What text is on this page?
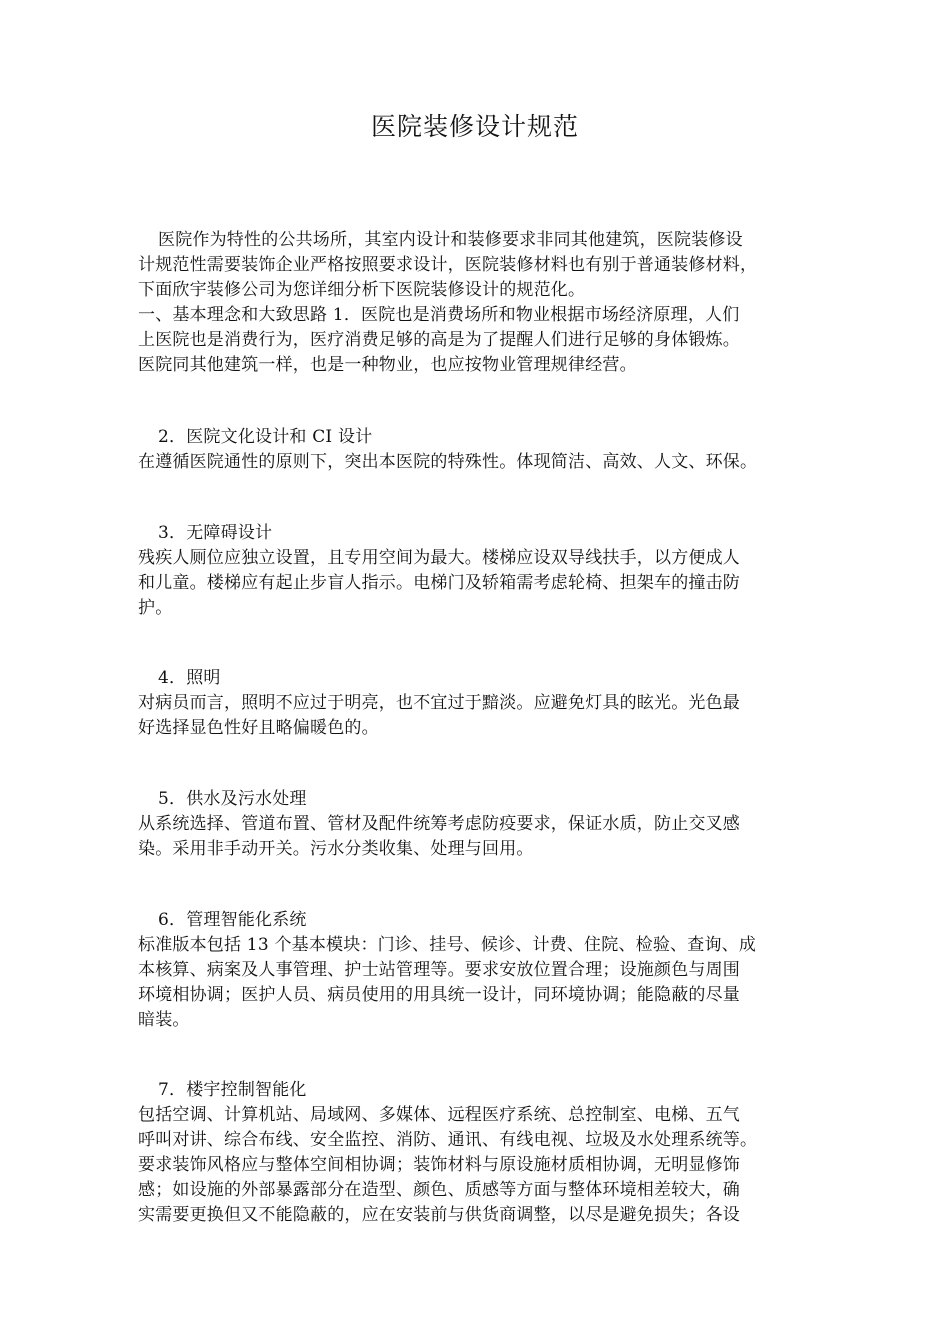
医院装修设计规范
医院作为特性的公共场所，其室内设计和装修要求非同其他建筑，医院装修设
计规范性需要装饰企业严格按照要求设计，医院装修材料也有别于普通装修材料，
下面欣宇装修公司为您详细分析下医院装修设计的规范化。
一、基本理念和大致思路 1．医院也是消费场所和物业根据市场经济原理，人们
上医院也是消费行为，医疗消费足够的高是为了提醒人们进行足够的身体锻炼。
医院同其他建筑一样，也是一种物业，也应按物业管理规律经营。
2．医院文化设计和 CI 设计
在遵循医院通性的原则下，突出本医院的特殊性。体现简洁、高效、人文、环保。
3．无障碍设计
残疾人厕位应独立设置，且专用空间为最大。楼梯应设双导线扶手，以方便成人
和儿童。楼梯应有起止步盲人指示。电梯门及轿箱需考虑轮椅、担架车的撞击防
护。
4．照明
对病员而言，照明不应过于明亮，也不宜过于黯淡。应避免灯具的眩光。光色最
好选择显色性好且略偏暖色的。
5．供水及污水处理
从系统选择、管道布置、管材及配件统筹考虑防疫要求，保证水质，防止交叉感
染。采用非手动开关。污水分类收集、处理与回用。
6．管理智能化系统
标准版本包括 13 个基本模块：门诊、挂号、候诊、计费、住院、检验、查询、成
本核算、病案及人事管理、护士站管理等。要求安放位置合理；设施颜色与周围
环境相协调；医护人员、病员使用的用具统一设计，同环境协调；能隐蔽的尽量
暗装。
7．楼宇控制智能化
包括空调、计算机站、局域网、多媒体、远程医疗系统、总控制室、电梯、五气
呼叫对讲、综合布线、安全监控、消防、通讯、有线电视、垃圾及水处理系统等。
要求装饰风格应与整体空间相协调；装饰材料与原设施材质相协调，无明显修饰
感；如设施的外部暴露部分在造型、颜色、质感等方面与整体环境相差较大，确
实需要更换但又不能隐蔽的，应在安装前与供货商调整，以尽是避免损失；各设
